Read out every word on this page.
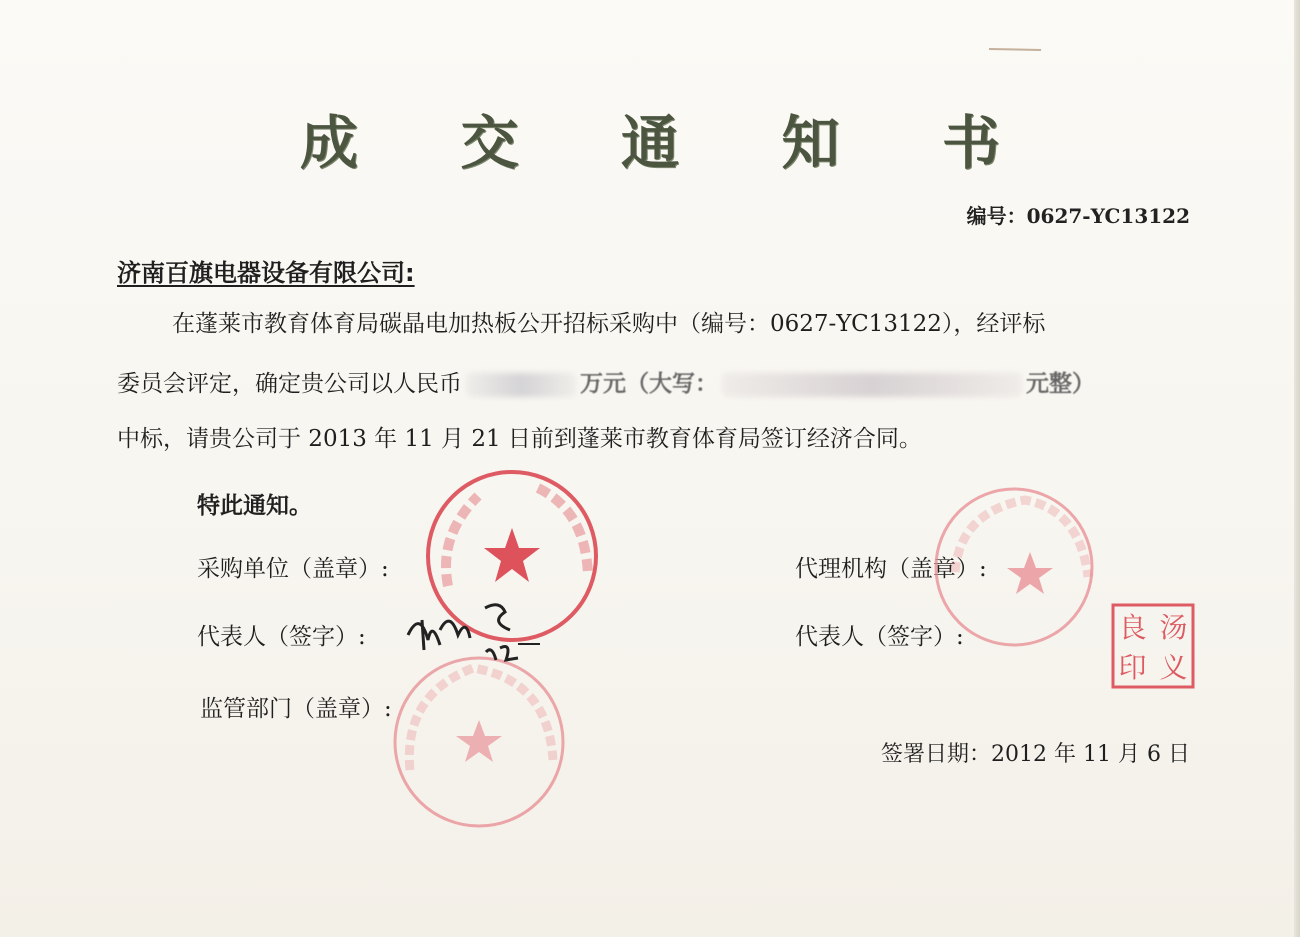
成 交 通 知 书
编号：0627-YC13122
济南百旗电器设备有限公司:
在蓬莱市教育体育局碳晶电加热板公开招标采购中（编号：0627-YC13122），经评标
委员会评定，确定贵公司以人民币	万元（大写：	元整）
中标，请贵公司于 2013 年 11 月 21 日前到蓬莱市教育体育局签订经济合同。
特此通知。
采购单位（盖章）:
代表人（签字）:
监管部门（盖章）:
代理机构（盖章）:
代表人（签字）:
签署日期：2012 年 11 月 6 日
良 汤
印 义
